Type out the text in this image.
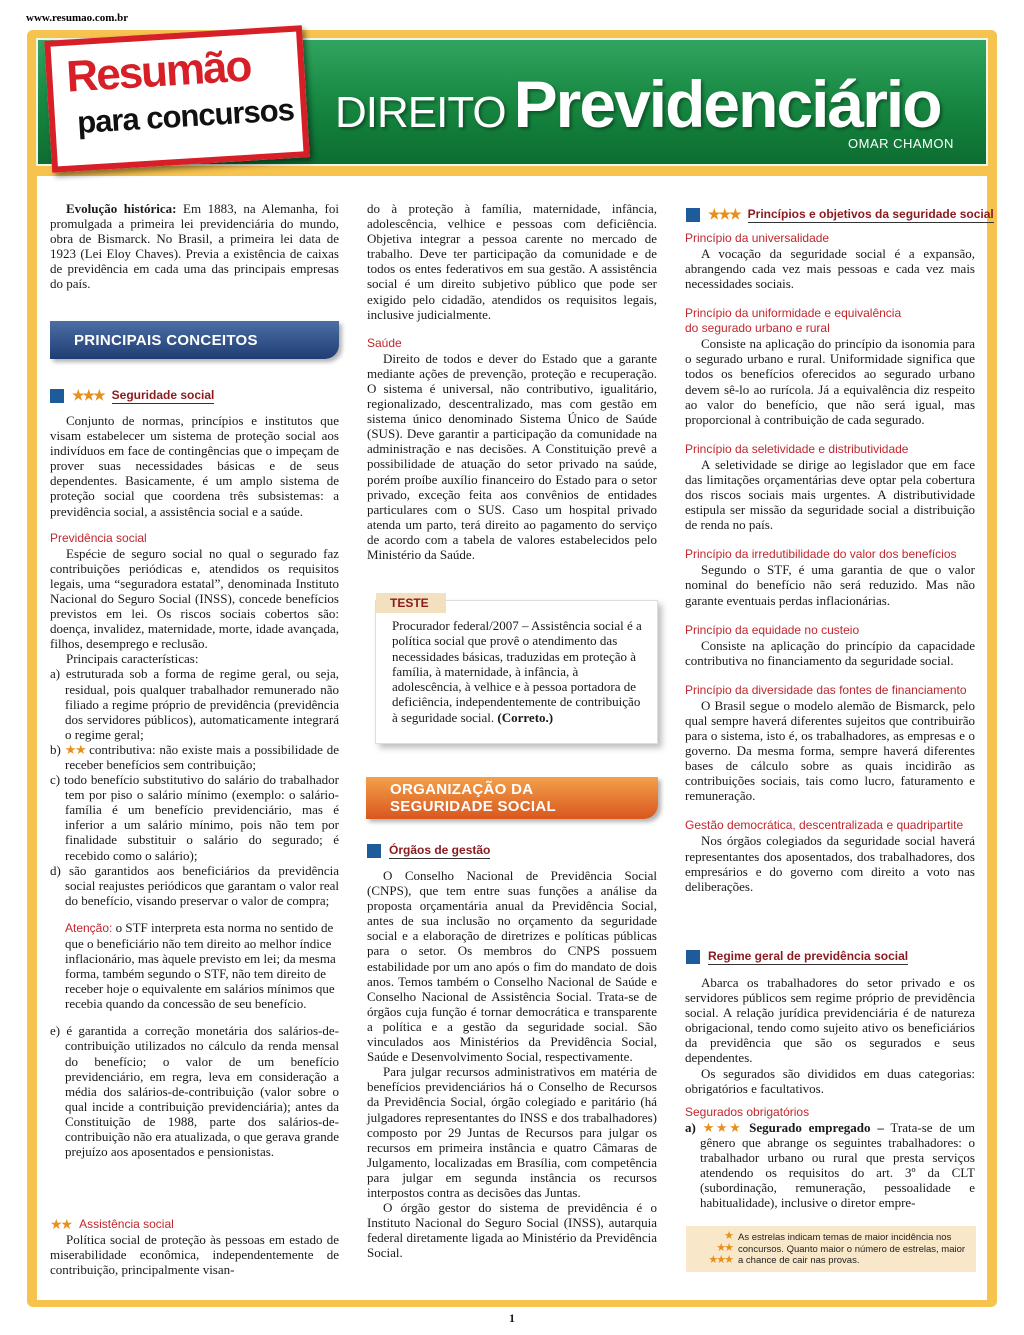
www.resumao.com.br
Resumão
para concursos DIREITO Previdenciário
OMAR CHAMON

Evolução histórica: Em 1883, na Alemanha, foi promulgada a primeira lei previdenciária do mundo, obra de Bismarck. No Brasil, a primeira lei data de 1923 (Lei Eloy Chaves). Previa a existência de caixas de previdência em cada uma das principais empresas do país.

PRINCIPAIS CONCEITOS
★★★ Seguridade social

Conjunto de normas, princípios e institutos que visam estabelecer um sistema de proteção social aos indivíduos em face de contingências que o impeçam de prover suas necessidades básicas e de seus dependentes. Basicamente, é um amplo sistema de proteção social que coordena três subsistemas: a previdência social, a assistência social e a saúde.

Previdência social

Espécie de seguro social no qual o segurado faz contribuições periódicas e, atendidos os requisitos legais, uma “seguradora estatal”, denominada Instituto Nacional do Seguro Social (INSS), concede benefícios previstos em lei. Os riscos sociais cobertos são: doença, invalidez, maternidade, morte, idade avançada, filhos, desemprego e reclusão.

Principais características:

a) estruturada sob a forma de regime geral, ou seja, residual, pois qualquer trabalhador remunerado não filiado a regime próprio de previdência (previdência dos servidores públicos), automaticamente integrará o regime geral;

b) ★★ contributiva: não existe mais a possibilidade de receber benefícios sem contribuição;

c) todo benefício substitutivo do salário do trabalhador tem por piso o salário mínimo (exemplo: o salário-família é um benefício previdenciário, mas é inferior a um salário mínimo, pois não tem por finalidade substituir o salário do segurado; é recebido como o salário);

d) são garantidos aos beneficiários da previdência social reajustes periódicos que garantam o valor real do benefício, visando preservar o valor de compra;

Atenção: o STF interpreta esta norma no sentido de que o beneficiário não tem direito ao melhor índice inflacionário, mas àquele previsto em lei; da mesma forma, também segundo o STF, não tem direito de receber hoje o equivalente em salários mínimos que recebia quando da concessão de seu benefício.

e) é garantida a correção monetária dos salários-de-contribuição utilizados no cálculo da renda mensal do benefício; o valor de um benefício previdenciário, em regra, leva em consideração a média dos salários-de-contribuição (valor sobre o qual incide a contribuição previdenciária); antes da Constituição de 1988, parte dos salários-de-contribuição não era atualizada, o que gerava grande prejuízo aos aposentados e pensionistas.

★★ Assistência social

Política social de proteção às pessoas em estado de miserabilidade econômica, independentemente de contribuição, principalmente visan-

do à proteção à família, maternidade, infância, adolescência, velhice e pessoas com deficiência. Objetiva integrar a pessoa carente no mercado de trabalho. Deve ter participação da comunidade e de todos os entes federativos em sua gestão. A assistência social é um direito subjetivo público que pode ser exigido pelo cidadão, atendidos os requisitos legais, inclusive judicialmente.

Saúde

Direito de todos e dever do Estado que a garante mediante ações de prevenção, proteção e recuperação. O sistema é universal, não contributivo, igualitário, regionalizado, descentralizado, mas com gestão em sistema único denominado Sistema Único de Saúde (SUS). Deve garantir a participação da comunidade na administração e nas decisões. A Constituição prevê a possibilidade de atuação do setor privado na saúde, porém proíbe auxílio financeiro do Estado para o setor privado, exceção feita aos convênios de entidades particulares com o SUS. Caso um hospital privado atenda um parto, terá direito ao pagamento do serviço de acordo com a tabela de valores estabelecidos pelo Ministério da Saúde.

TESTE
Procurador federal/2007 – Assistência social é a política social que provê o atendimento das necessidades básicas, traduzidas em proteção à família, à maternidade, à infância, à adolescência, à velhice e à pessoa portadora de deficiência, independentemente de contribuição à seguridade social. (Correto.)
ORGANIZAÇÃO DA
SEGURIDADE SOCIAL
Órgãos de gestão

O Conselho Nacional de Previdência Social (CNPS), que tem entre suas funções a análise da proposta orçamentária anual da Previdência Social, antes de sua inclusão no orçamento da seguridade social e a elaboração de diretrizes e políticas públicas para o setor. Os membros do CNPS possuem estabilidade por um ano após o fim do mandato de dois anos. Temos também o Conselho Nacional de Saúde e Conselho Nacional de Assistência Social. Trata-se de órgãos cuja função é tornar democrática e transparente a política e a gestão da seguridade social. São vinculados aos Ministérios da Previdência Social, Saúde e Desenvolvimento Social, respectivamente.

Para julgar recursos administrativos em matéria de benefícios previdenciários há o Conselho de Recursos da Previdência Social, órgão colegiado e paritário (há julgadores representantes do INSS e dos trabalhadores) composto por 29 Juntas de Recursos para julgar os recursos em primeira instância e quatro Câmaras de Julgamento, localizadas em Brasília, com competência para julgar em segunda instância os recursos interpostos contra as decisões das Juntas.

O órgão gestor do sistema de previdência é o Instituto Nacional do Seguro Social (INSS), autarquia federal diretamente ligada ao Ministério da Previdência Social.

★★★ Princípios e objetivos da seguridade social

Princípio da universalidade

A vocação da seguridade social é a expansão, abrangendo cada vez mais pessoas e cada vez mais necessidades sociais.

Princípio da uniformidade e equivalência

do segurado urbano e rural

Consiste na aplicação do princípio da isonomia para o segurado urbano e rural. Uniformidade significa que todos os benefícios oferecidos ao segurado urbano devem sê-lo ao rurícola. Já a equivalência diz respeito ao valor do benefício, que não será igual, mas proporcional à contribuição de cada segurado.

Princípio da seletividade e distributividade

A seletividade se dirige ao legislador que em face das limitações orçamentárias deve optar pela cobertura dos riscos sociais mais urgentes. A distributividade estipula ser missão da seguridade social a distribuição de renda no país.

Princípio da irredutibilidade do valor dos benefícios

Segundo o STF, é uma garantia de que o valor nominal do benefício não será reduzido. Mas não garante eventuais perdas inflacionárias.

Princípio da equidade no custeio

Consiste na aplicação do princípio da capacidade contributiva no financiamento da seguridade social.

Princípio da diversidade das fontes de financiamento

O Brasil segue o modelo alemão de Bismarck, pelo qual sempre haverá diferentes sujeitos que contribuirão para o sistema, isto é, os trabalhadores, as empresas e o governo. Da mesma forma, sempre haverá diferentes bases de cálculo sobre as quais incidirão as contribuições sociais, tais como lucro, faturamento e remuneração.

Gestão democrática, descentralizada e quadripartite

Nos órgãos colegiados da seguridade social haverá representantes dos aposentados, dos trabalhadores, dos empresários e do governo com direito a voto nas deliberações.

Regime geral de previdência social

Abarca os trabalhadores do setor privado e os servidores públicos sem regime próprio de previdência social. A relação jurídica previdenciária é de natureza obrigacional, tendo como sujeito ativo os beneficiários da previdência que são os segurados e seus dependentes.

Os segurados são divididos em duas categorias: obrigatórios e facultativos.

Segurados obrigatórios

a) ★★★ Segurado empregado – Trata-se de um gênero que abrange os seguintes trabalhadores: o trabalhador urbano ou rural que presta serviços atendendo os requisitos do art. 3º da CLT (subordinação, remuneração, pessoalidade e habitualidade), inclusive o diretor empre-

★
★★
★★★
As estrelas indicam temas de maior incidência nos concursos. Quanto maior o número de estrelas, maior a chance de cair nas provas.
1
